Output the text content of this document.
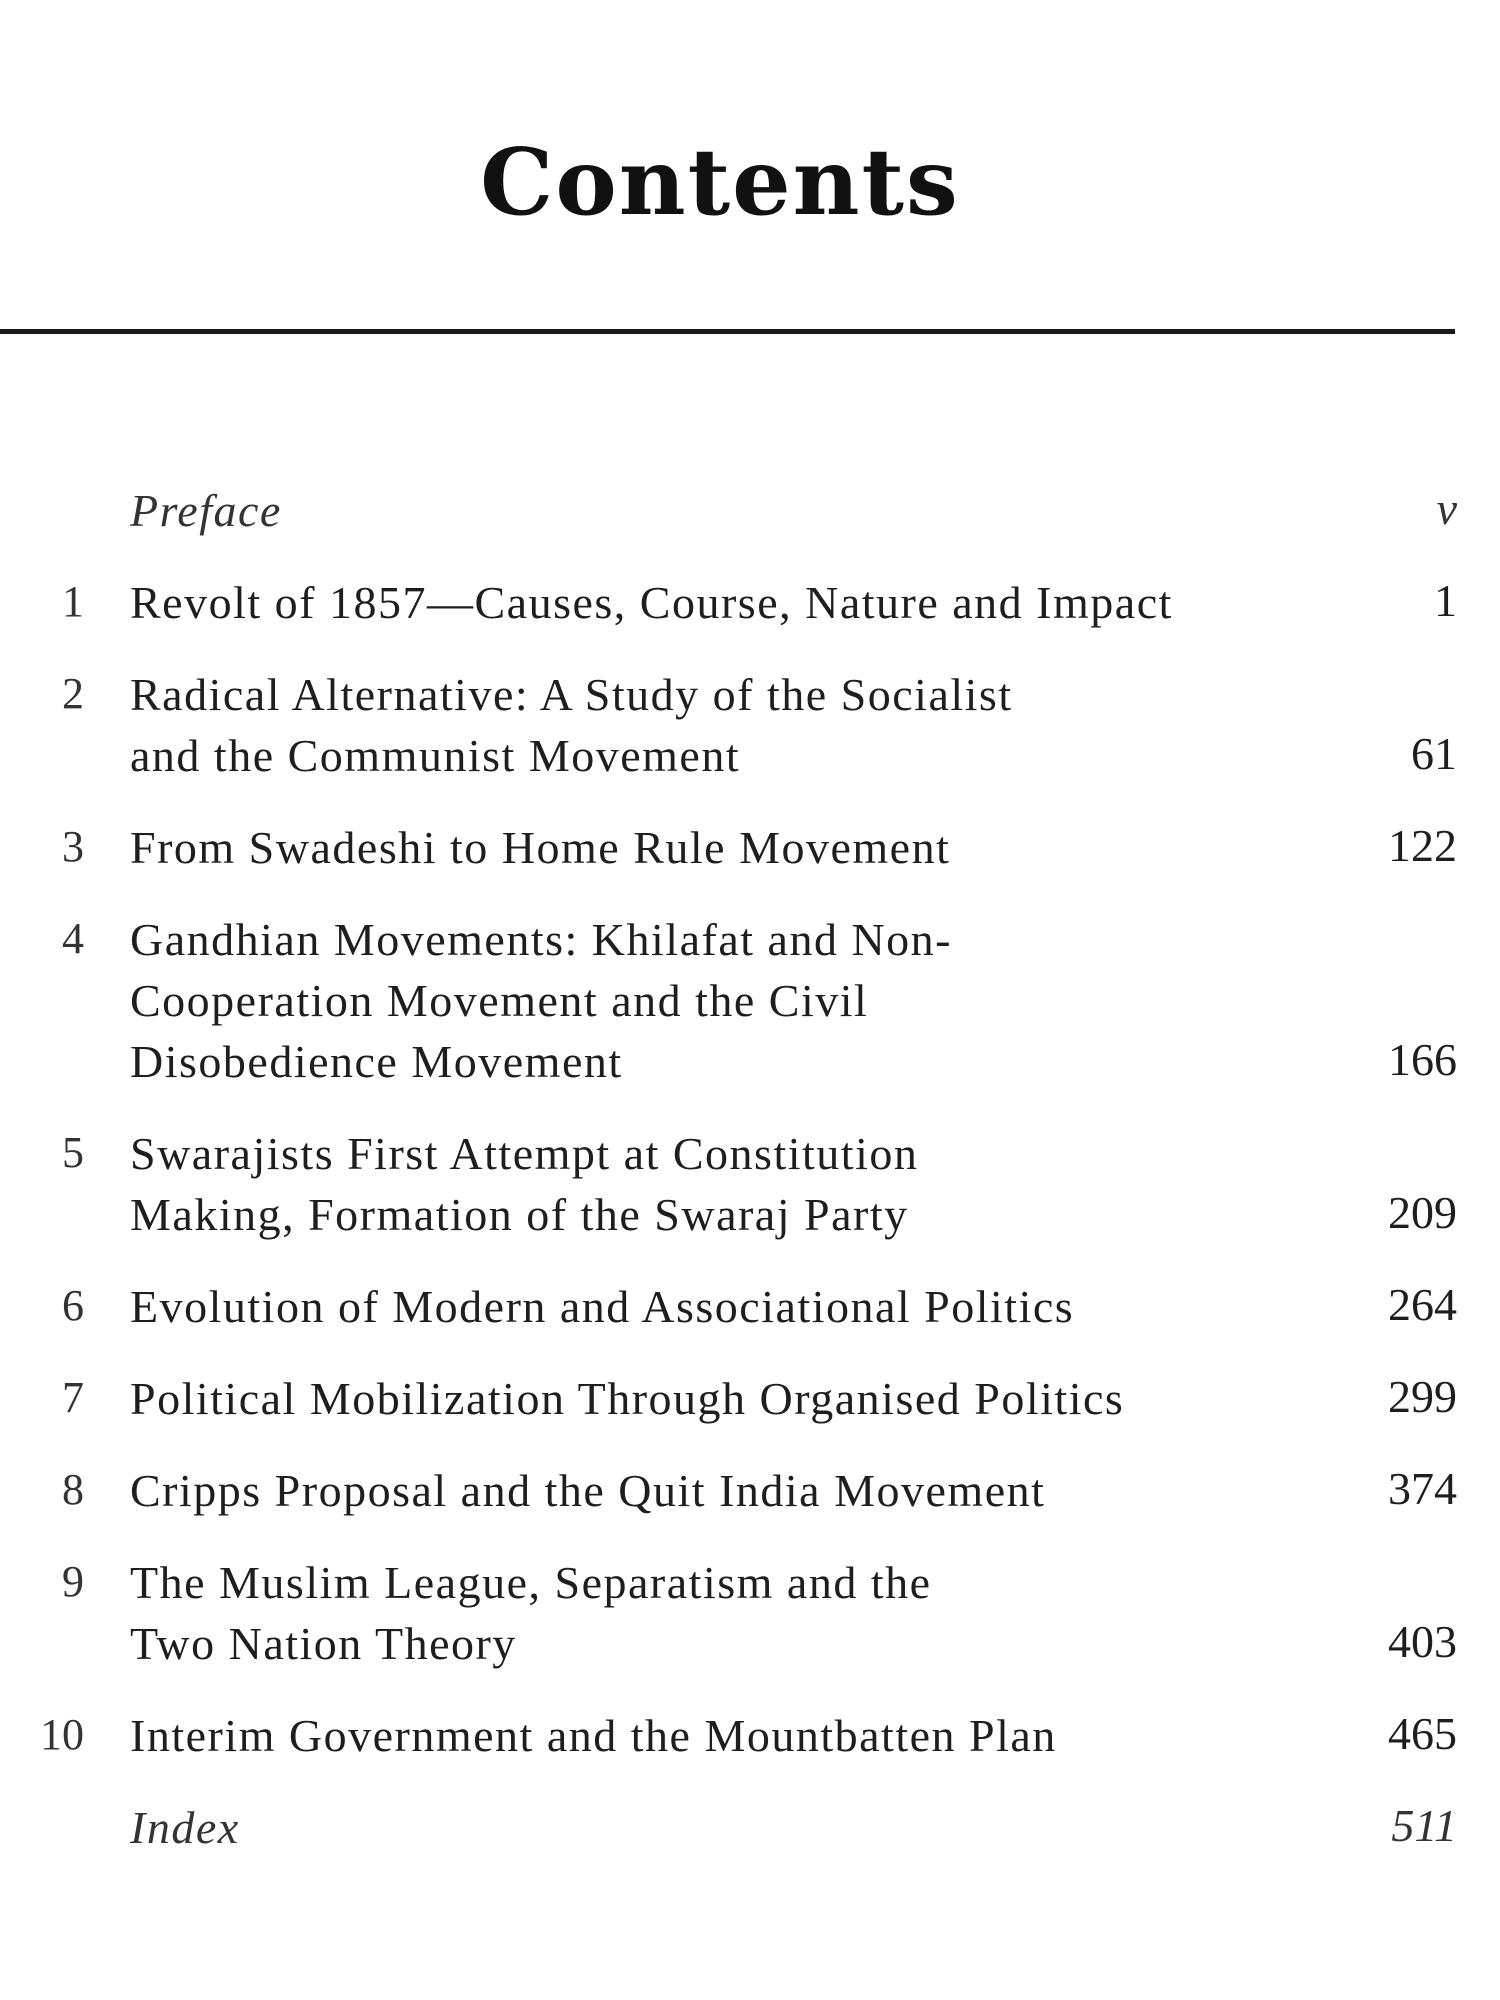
Contents
Preface	v
1 Revolt of 1857—Causes, Course, Nature and Impact	1
2 Radical Alternative: A Study of the Socialist
and the Communist Movement	61
3 From Swadeshi to Home Rule Movement	122
4 Gandhian Movements: Khilafat and Non-
Cooperation Movement and the Civil
Disobedience Movement	166
5 Swarajists First Attempt at Constitution
Making, Formation of the Swaraj Party	209
6 Evolution of Modern and Associational Politics	264
7 Political Mobilization Through Organised Politics	299
8 Cripps Proposal and the Quit India Movement	374
9 The Muslim League, Separatism and the
Two Nation Theory	403
10 Interim Government and the Mountbatten Plan	465
Index	511
